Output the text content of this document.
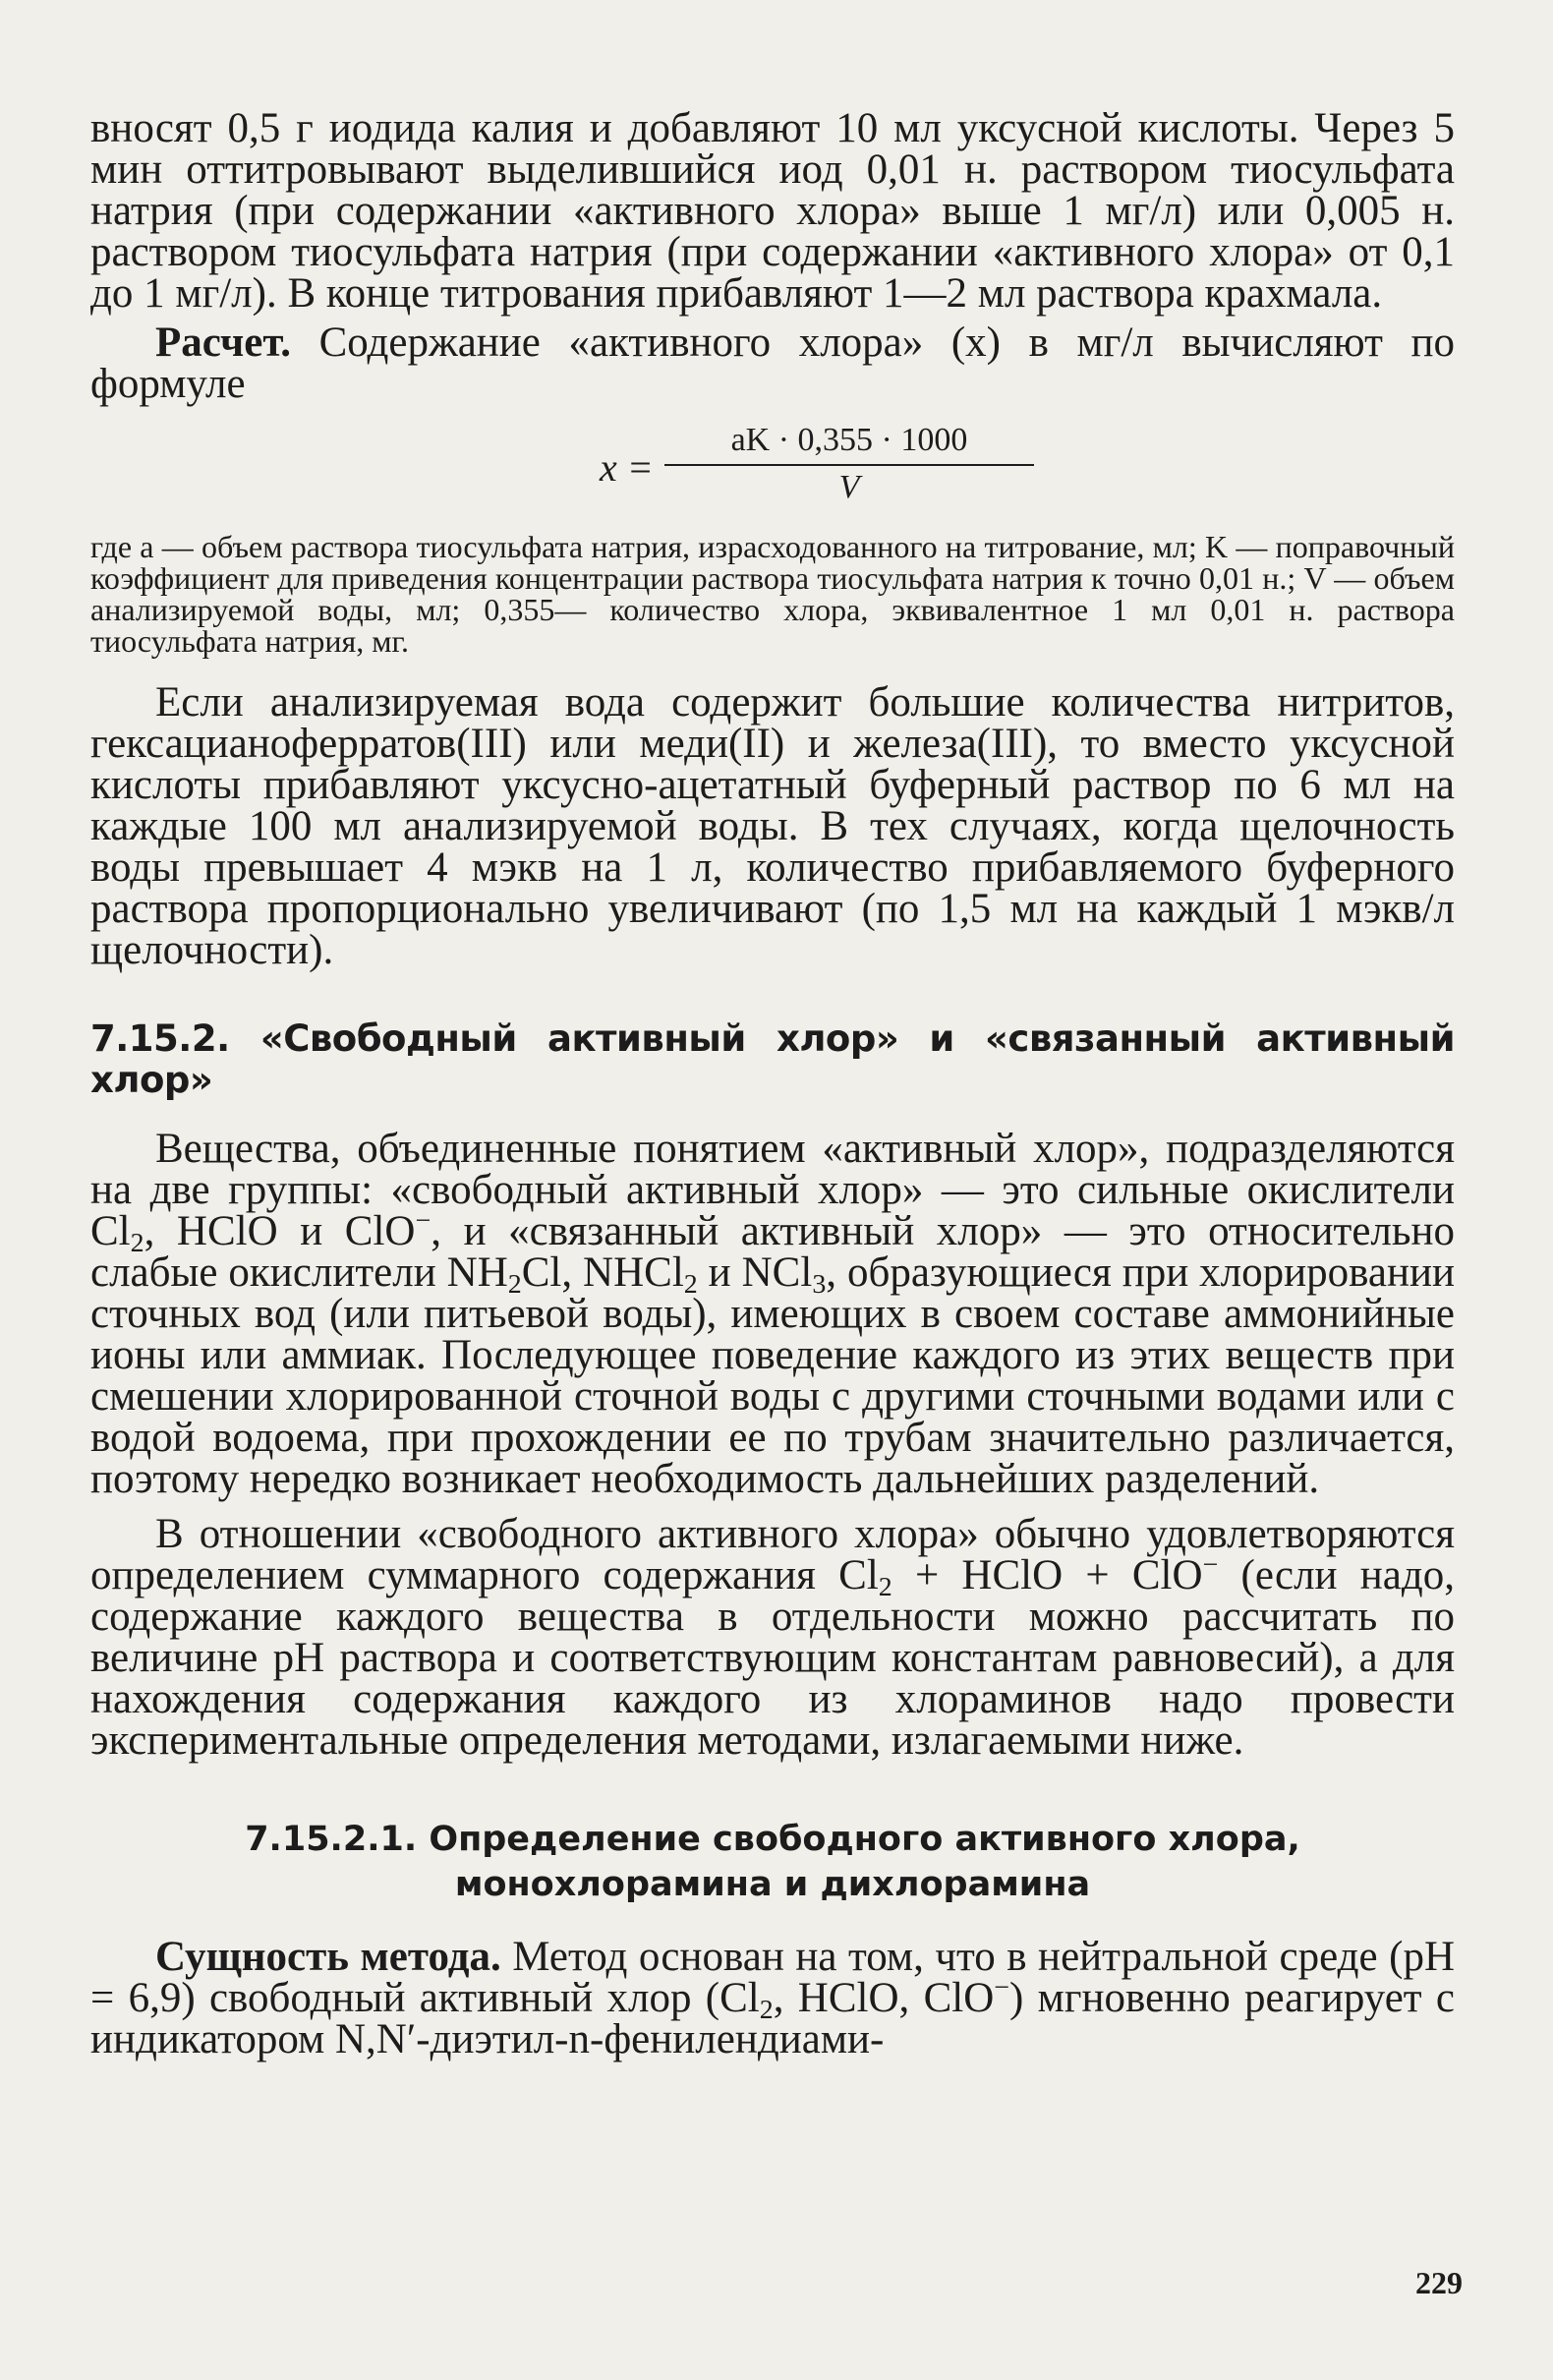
вносят 0,5 г иодида калия и добавляют 10 мл уксусной кислоты. Через 5 мин оттитровывают выделившийся иод 0,01 н. раствором тиосульфата натрия (при содержании «активного хлора» выше 1 мг/л) или 0,005 н. раствором тиосульфата натрия (при содержании «активного хлора» от 0,1 до 1 мг/л). В конце титрования прибавляют 1—2 мл раствора крахмала.

Расчет. Содержание «активного хлора» (x) в мг/л вычисляют по формуле

x =
aK · 0,355 · 1000
V

где a — объем раствора тиосульфата натрия, израсходованного на титрование, мл; K — поправочный коэффициент для приведения концентрации раствора тиосульфата натрия к точно 0,01 н.; V — объем анализируемой воды, мл; 0,355— количество хлора, эквивалентное 1 мл 0,01 н. раствора тиосульфата натрия, мг.

Если анализируемая вода содержит большие количества нитритов, гексацианоферратов(III) или меди(II) и железа(III), то вместо уксусной кислоты прибавляют уксусно-ацетатный буферный раствор по 6 мл на каждые 100 мл анализируемой воды. В тех случаях, когда щелочность воды превышает 4 мэкв на 1 л, количество прибавляемого буферного раствора пропорционально увеличивают (по 1,5 мл на каждый 1 мэкв/л щелочности).

7.15.2. «Свободный активный хлор» и «связанный активный хлор»

Вещества, объединенные понятием «активный хлор», подразделяются на две группы: «свободный активный хлор» — это сильные окислители $Cl_2$, HClO и ClO−, и «связанный активный хлор» — это относительно слабые окислители $NH_2Cl$, NHCl$_2$ и NCl$_3$, образующиеся при хлорировании сточных вод (или питьевой воды), имеющих в своем составе аммонийные ионы или аммиак. Последующее поведение каждого из этих веществ при смешении хлорированной сточной воды с другими сточными водами или с водой водоема, при прохождении ее по трубам значительно различается, поэтому нередко возникает необходимость дальнейших разделений.

В отношении «свободного активного хлора» обычно удовлетворяются определением суммарного содержания $Cl_2$ + HClO + ClO− (если надо, содержание каждого вещества в отдельности можно рассчитать по величине pH раствора и соответствующим константам равновесий), а для нахождения содержания каждого из хлораминов надо провести экспериментальные определения методами, излагаемыми ниже.

7.15.2.1. Определение свободного активного хлора,
монохлорамина и дихлорамина

Сущность метода. Метод основан на том, что в нейтральной среде (pH = 6,9) свободный активный хлор ($Cl_2$, HClO, ClO−) мгновенно реагирует с индикатором N,N′-диэтил-n-фенилендиами-

229
